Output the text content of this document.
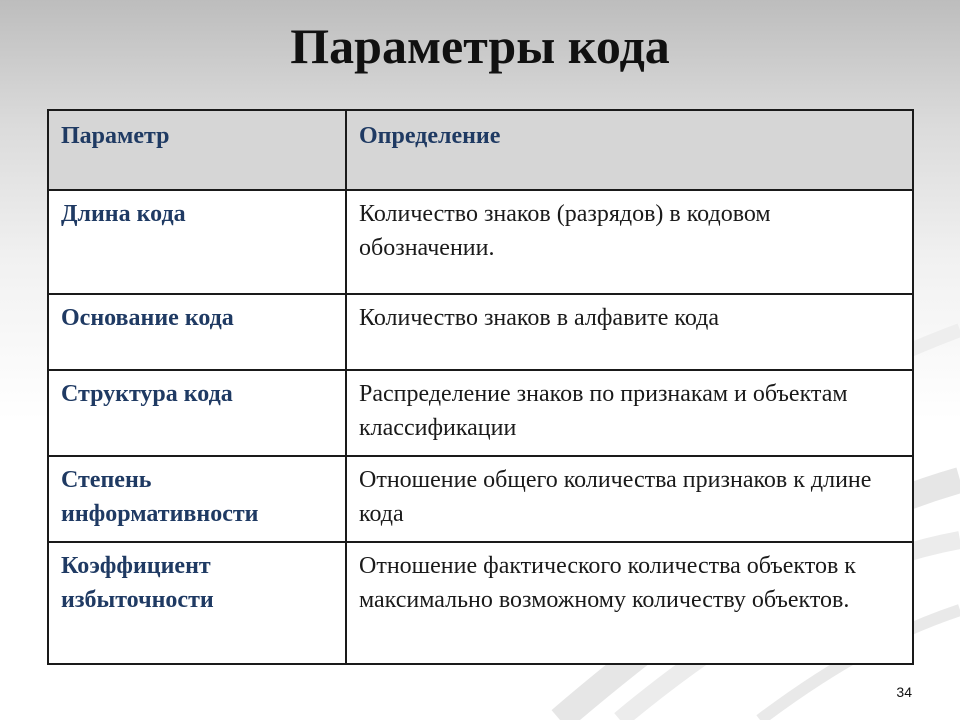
Параметры кода
Параметр	Определение
Длина кода	Количество знаков (разрядов) в кодовом обозначении.
Основание кода	Количество знаков в алфавите кода
Структура кода	Распределение знаков по признакам и объектам классификации
Степень информативности	Отношение общего количества признаков к длине кода
Коэффициент избыточности	Отношение фактического количества объектов к максимально возможному количеству объектов.
34
